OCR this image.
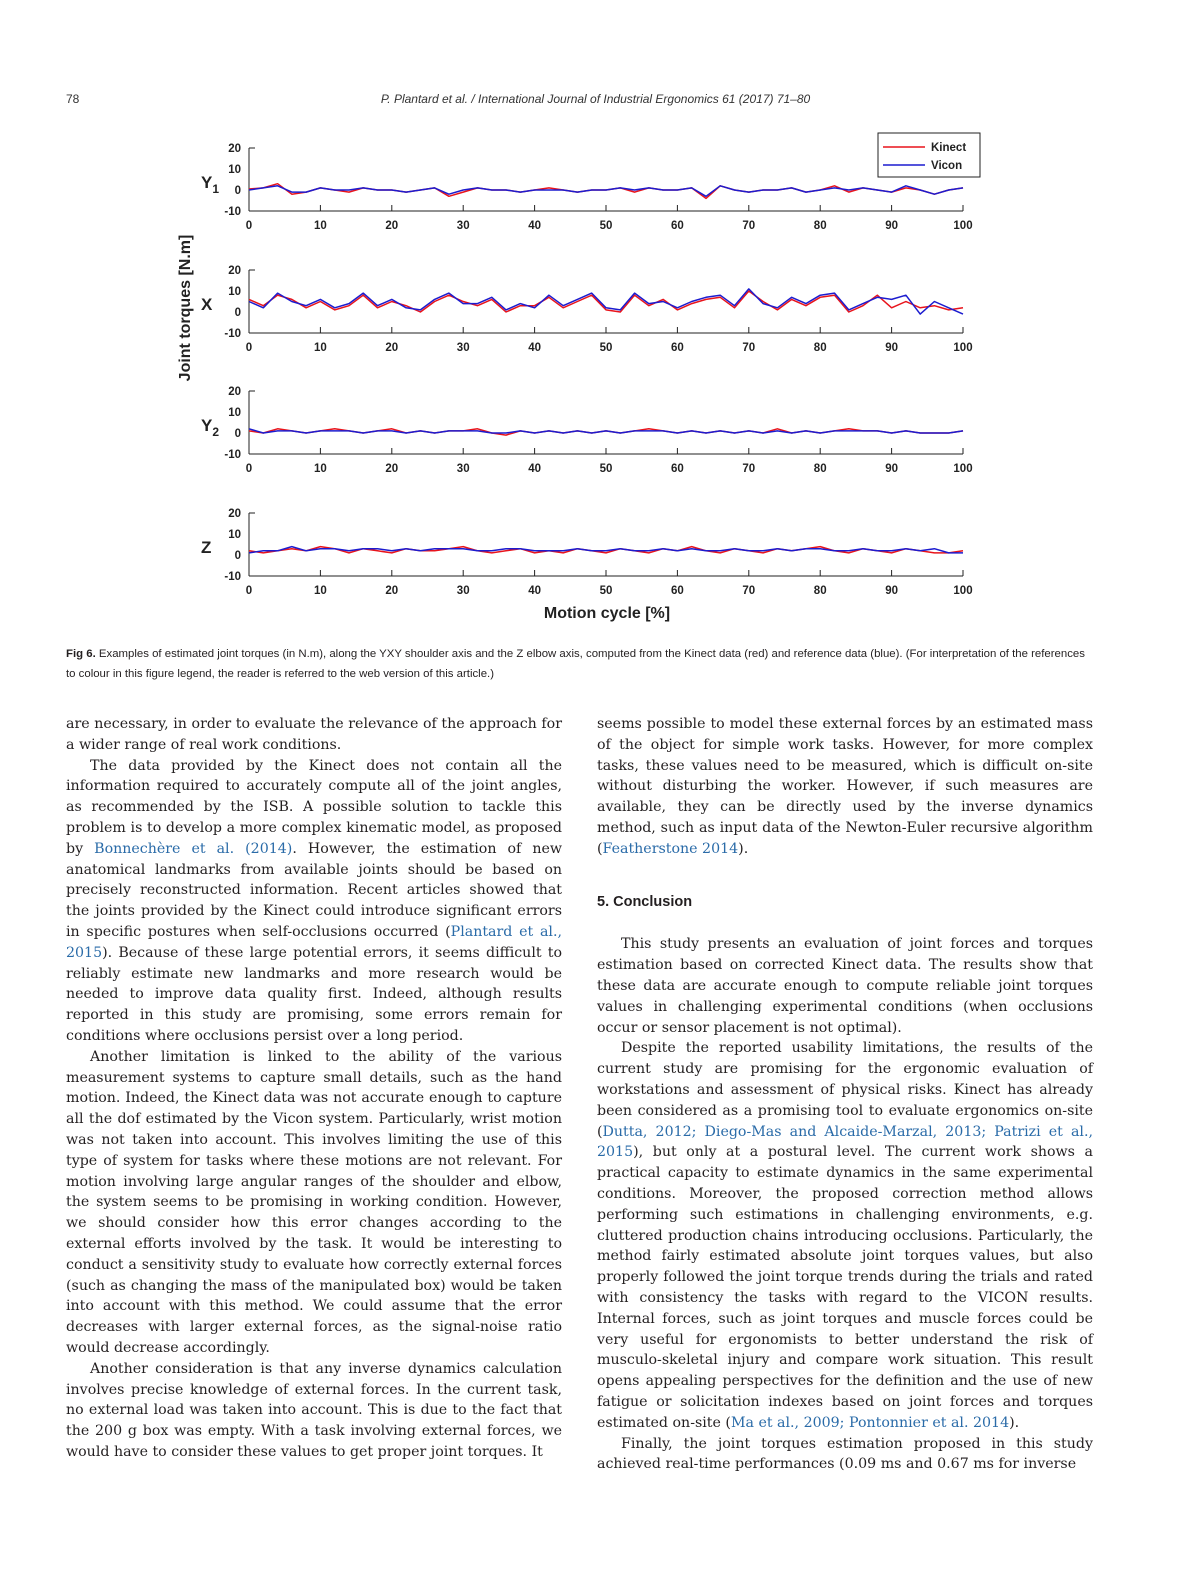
78	P. Plantard et al. / International Journal of Industrial Ergonomics 61 (2017) 71–80
Joint torques [N.m]
Motion cycle [%]
20
10
0
-10
0	10	20	30	40	50	60	70	80	90	100
$Y_1$
20
10
0
-10
0	10	20	30	40	50	60	70	80	90	100
X
20
10
0
-10
0	10	20	30	40	50	60	70	80	90	100
$Y_2$
20
10
0
-10
0	10	20	30	40	50	60	70	80	90	100
Z
Kinect
Vicon
Fig 6. Examples of estimated joint torques (in N.m), along the YXY shoulder axis and the Z elbow axis, computed from the Kinect data (red) and reference data (blue). (For interpretation of the references to colour in this figure legend, the reader is referred to the web version of this article.)

are necessary, in order to evaluate the relevance of the approach for a wider range of real work conditions.

The data provided by the Kinect does not contain all the information required to accurately compute all of the joint angles, as recommended by the ISB. A possible solution to tackle this problem is to develop a more complex kinematic model, as proposed by Bonnechère et al. (2014). However, the estimation of new anatomical landmarks from available joints should be based on precisely reconstructed information. Recent articles showed that the joints provided by the Kinect could introduce significant errors in specific postures when self-occlusions occurred (Plantard et al., 2015). Because of these large potential errors, it seems difficult to reliably estimate new landmarks and more research would be needed to improve data quality first. Indeed, although results reported in this study are promising, some errors remain for conditions where occlusions persist over a long period.

Another limitation is linked to the ability of the various measurement systems to capture small details, such as the hand motion. Indeed, the Kinect data was not accurate enough to capture all the dof estimated by the Vicon system. Particularly, wrist motion was not taken into account. This involves limiting the use of this type of system for tasks where these motions are not relevant. For motion involving large angular ranges of the shoulder and elbow, the system seems to be promising in working condition. However, we should consider how this error changes according to the external efforts involved by the task. It would be interesting to conduct a sensitivity study to evaluate how correctly external forces (such as changing the mass of the manipulated box) would be taken into account with this method. We could assume that the error decreases with larger external forces, as the signal-noise ratio would decrease accordingly.

Another consideration is that any inverse dynamics calculation involves precise knowledge of external forces. In the current task, no external load was taken into account. This is due to the fact that the 200 g box was empty. With a task involving external forces, we would have to consider these values to get proper joint torques. It

seems possible to model these external forces by an estimated mass of the object for simple work tasks. However, for more complex tasks, these values need to be measured, which is difficult on-site without disturbing the worker. However, if such measures are available, they can be directly used by the inverse dynamics method, such as input data of the Newton-Euler recursive algorithm (Featherstone 2014).

5. Conclusion

This study presents an evaluation of joint forces and torques estimation based on corrected Kinect data. The results show that these data are accurate enough to compute reliable joint torques values in challenging experimental conditions (when occlusions occur or sensor placement is not optimal).

Despite the reported usability limitations, the results of the current study are promising for the ergonomic evaluation of workstations and assessment of physical risks. Kinect has already been considered as a promising tool to evaluate ergonomics on-site (Dutta, 2012; Diego-Mas and Alcaide-Marzal, 2013; Patrizi et al., 2015), but only at a postural level. The current work shows a practical capacity to estimate dynamics in the same experimental conditions. Moreover, the proposed correction method allows performing such estimations in challenging environments, e.g. cluttered production chains introducing occlusions. Particularly, the method fairly estimated absolute joint torques values, but also properly followed the joint torque trends during the trials and rated with consistency the tasks with regard to the VICON results. Internal forces, such as joint torques and muscle forces could be very useful for ergonomists to better understand the risk of musculo-skeletal injury and compare work situation. This result opens appealing perspectives for the definition and the use of new fatigue or solicitation indexes based on joint forces and torques estimated on-site (Ma et al., 2009; Pontonnier et al. 2014).

Finally, the joint torques estimation proposed in this study achieved real-time performances (0.09 ms and 0.67 ms for inverse
